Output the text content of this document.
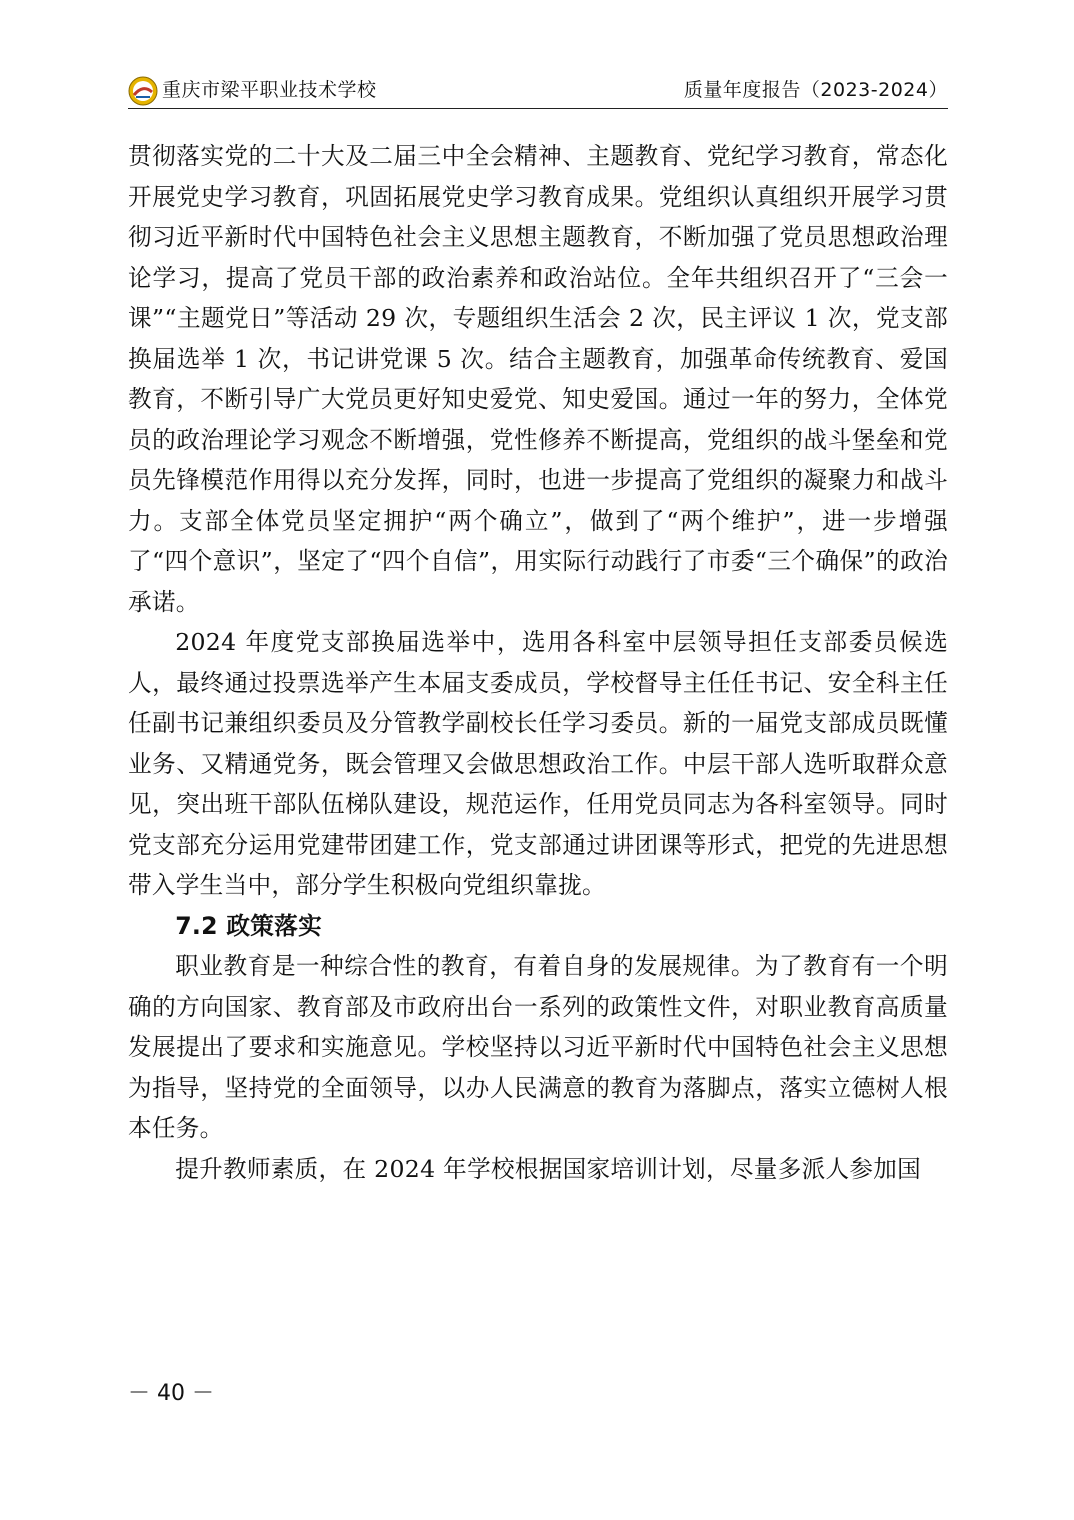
重庆市梁平职业技术学校	质量年度报告（2023-2024）

贯彻落实党的二十大及二届三中全会精神、主题教育、党纪学习教育，常态化开展党史学习教育，巩固拓展党史学习教育成果。党组织认真组织开展学习贯彻习近平新时代中国特色社会主义思想主题教育，不断加强了党员思想政治理论学习，提高了党员干部的政治素养和政治站位。全年共组织召开了“三会一课”“主题党日”等活动 29 次，专题组织生活会 2 次，民主评议 1 次，党支部换届选举 1 次，书记讲党课 5 次。结合主题教育，加强革命传统教育、爱国教育，不断引导广大党员更好知史爱党、知史爱国。通过一年的努力，全体党员的政治理论学习观念不断增强，党性修养不断提高，党组织的战斗堡垒和党员先锋模范作用得以充分发挥，同时，也进一步提高了党组织的凝聚力和战斗力。支部全体党员坚定拥护“两个确立”，做到了“两个维护”，进一步增强了“四个意识”，坚定了“四个自信”，用实际行动践行了市委“三个确保”的政治承诺。

2024 年度党支部换届选举中，选用各科室中层领导担任支部委员候选人，最终通过投票选举产生本届支委成员，学校督导主任任书记、安全科主任任副书记兼组织委员及分管教学副校长任学习委员。新的一届党支部成员既懂业务、又精通党务，既会管理又会做思想政治工作。中层干部人选听取群众意见，突出班干部队伍梯队建设，规范运作，任用党员同志为各科室领导。同时党支部充分运用党建带团建工作，党支部通过讲团课等形式，把党的先进思想带入学生当中，部分学生积极向党组织靠拢。

7.2 政策落实

职业教育是一种综合性的教育，有着自身的发展规律。为了教育有一个明确的方向国家、教育部及市政府出台一系列的政策性文件，对职业教育高质量发展提出了要求和实施意见。学校坚持以习近平新时代中国特色社会主义思想为指导，坚持党的全面领导，以办人民满意的教育为落脚点，落实立德树人根本任务。

提升教师素质，在 2024 年学校根据国家培训计划，尽量多派人参加国

－ 40 －
